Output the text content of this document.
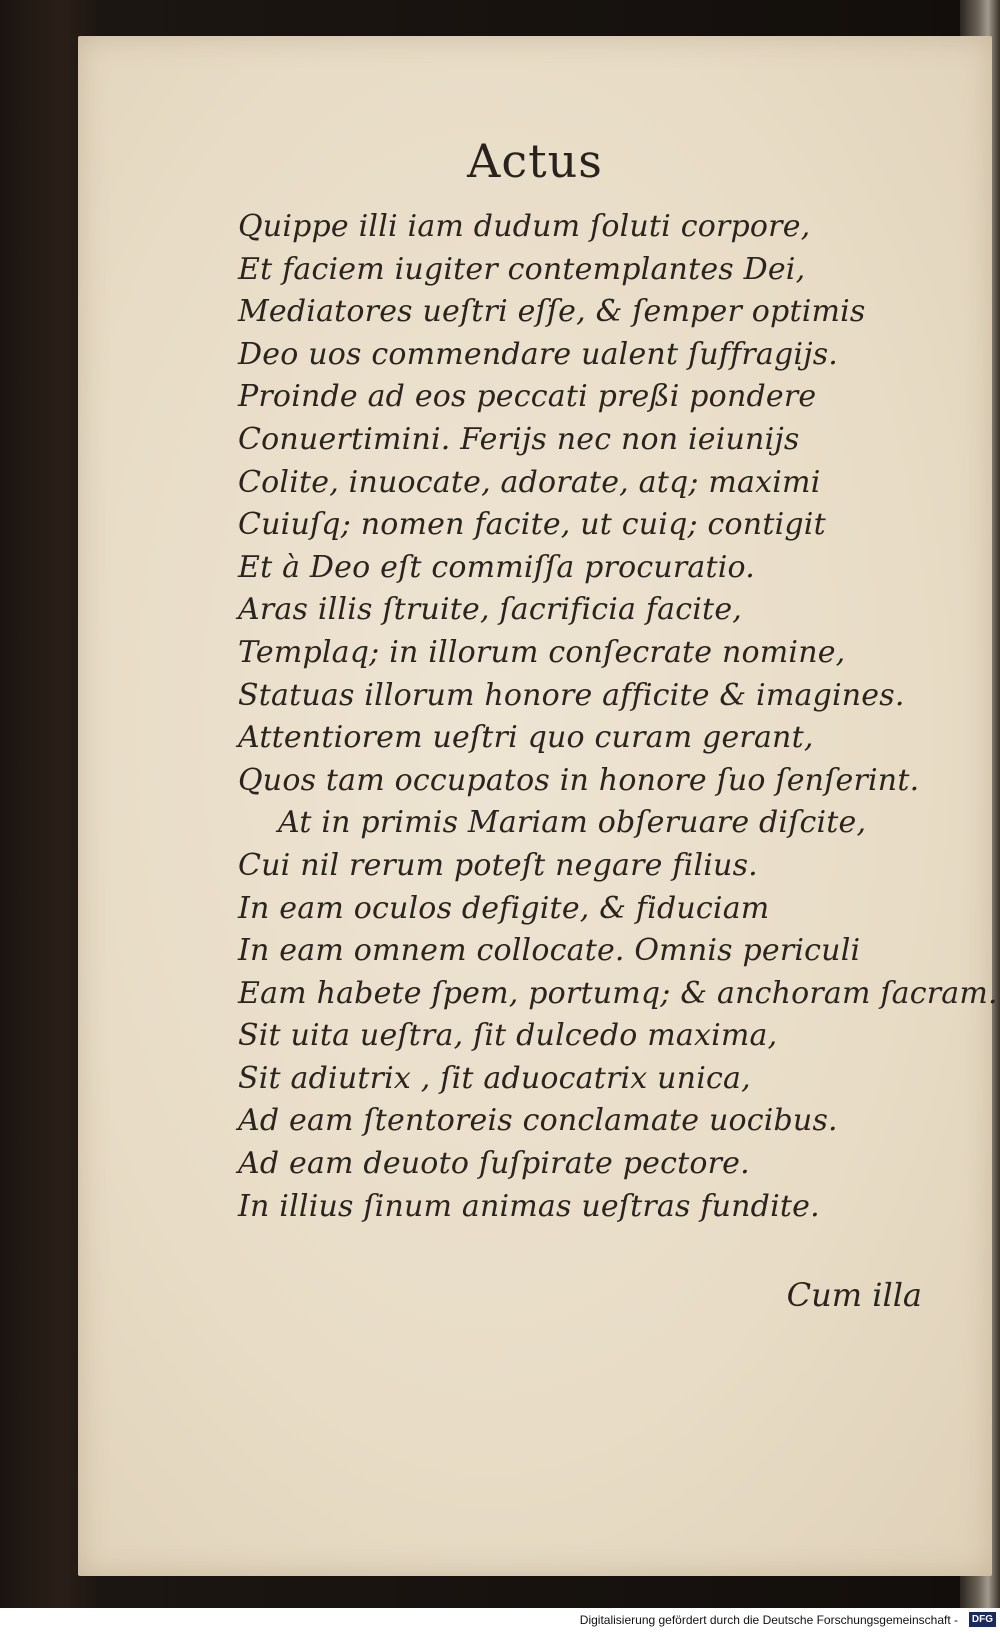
Actus
Quippe illi iam dudum ſoluti corpore,
Et faciem iugiter contemplantes Dei,
Mediatores ueſtri eſſe, & ſemper optimis
Deo uos commendare ualent ſuffragijs.
Proinde ad eos peccati preßi pondere
Conuertimini. Ferijs nec non ieiunijs
Colite, inuocate, adorate, atq; maximi
Cuiuſq; nomen facite, ut cuiq; contigit
Et à Deo eſt commiſſa procuratio.
Aras illis ſtruite, ſacrificia facite,
Templaq; in illorum conſecrate nomine,
Statuas illorum honore afficite & imagines.
Attentiorem ueſtri quo curam gerant,
Quos tam occupatos in honore ſuo ſenſerint.
At in primis Mariam obſeruare diſcite,
Cui nil rerum poteſt negare filius.
In eam oculos defigite, & fiduciam
In eam omnem collocate. Omnis periculi
Eam habete ſpem, portumq; & anchoram ſacram.
Sit uita ueſtra, ſit dulcedo maxima,
Sit adiutrix , ſit aduocatrix unica,
Ad eam ſtentoreis conclamate uocibus.
Ad eam deuoto ſuſpirate pectore.
In illius ſinum animas ueſtras fundite.
Cum illa
Digitalisierung gefördert durch die Deutsche Forschungsgemeinschaft -	DFG
